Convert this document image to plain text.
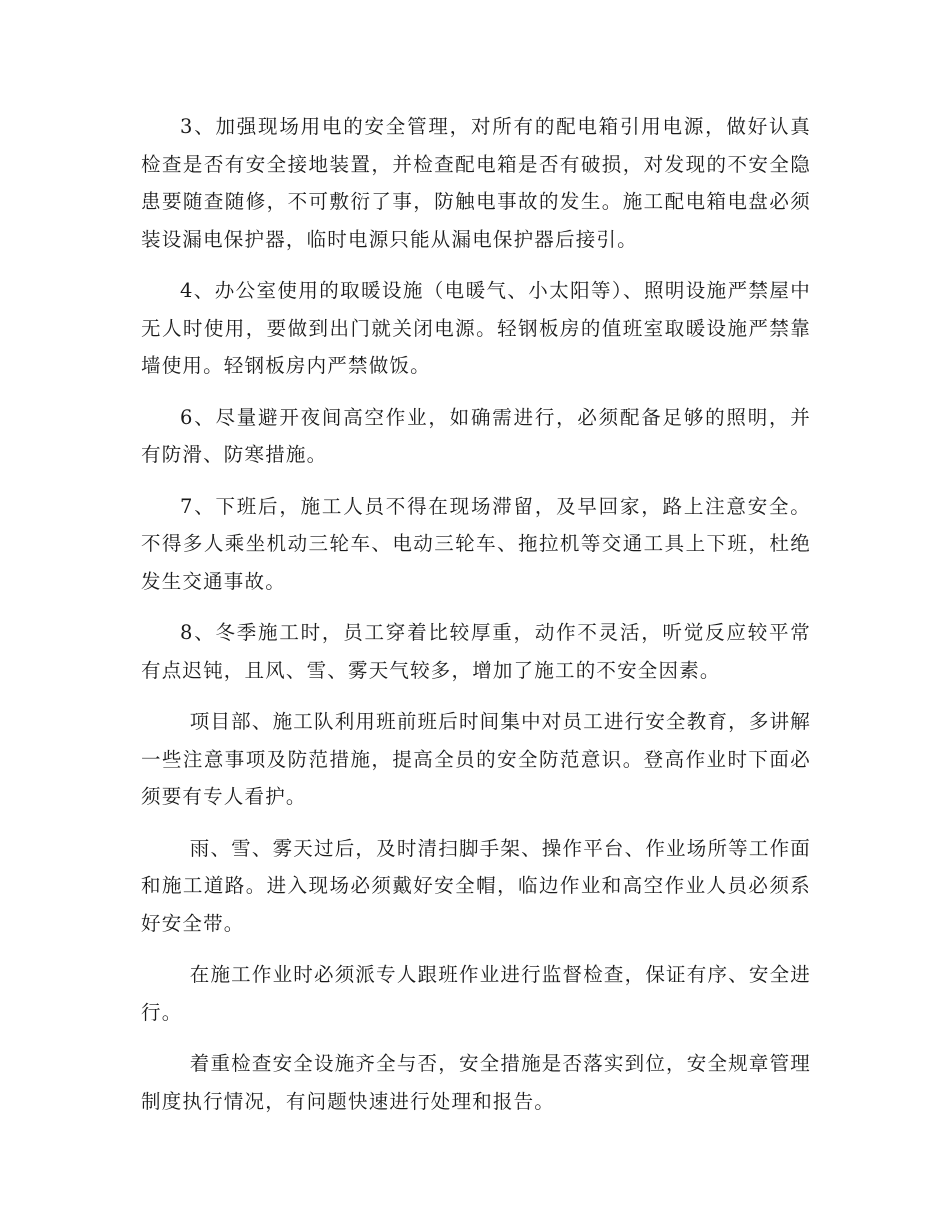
3、加强现场用电的安全管理，对所有的配电箱引用电源，做好认真检查是否有安全接地装置，并检查配电箱是否有破损，对发现的不安全隐患要随查随修，不可敷衍了事，防触电事故的发生。施工配电箱电盘必须装设漏电保护器，临时电源只能从漏电保护器后接引。

4、办公室使用的取暖设施（电暖气、小太阳等）、照明设施严禁屋中无人时使用，要做到出门就关闭电源。轻钢板房的值班室取暖设施严禁靠墙使用。轻钢板房内严禁做饭。

6、尽量避开夜间高空作业，如确需进行，必须配备足够的照明，并有防滑、防寒措施。

7、下班后，施工人员不得在现场滞留，及早回家，路上注意安全。不得多人乘坐机动三轮车、电动三轮车、拖拉机等交通工具上下班，杜绝发生交通事故。

8、冬季施工时，员工穿着比较厚重，动作不灵活，听觉反应较平常有点迟钝，且风、雪、雾天气较多，增加了施工的不安全因素。

项目部、施工队利用班前班后时间集中对员工进行安全教育，多讲解一些注意事项及防范措施，提高全员的安全防范意识。登高作业时下面必须要有专人看护。

雨、雪、雾天过后，及时清扫脚手架、操作平台、作业场所等工作面和施工道路。进入现场必须戴好安全帽，临边作业和高空作业人员必须系好安全带。

在施工作业时必须派专人跟班作业进行监督检查，保证有序、安全进行。

着重检查安全设施齐全与否，安全措施是否落实到位，安全规章管理制度执行情况，有问题快速进行处理和报告。
